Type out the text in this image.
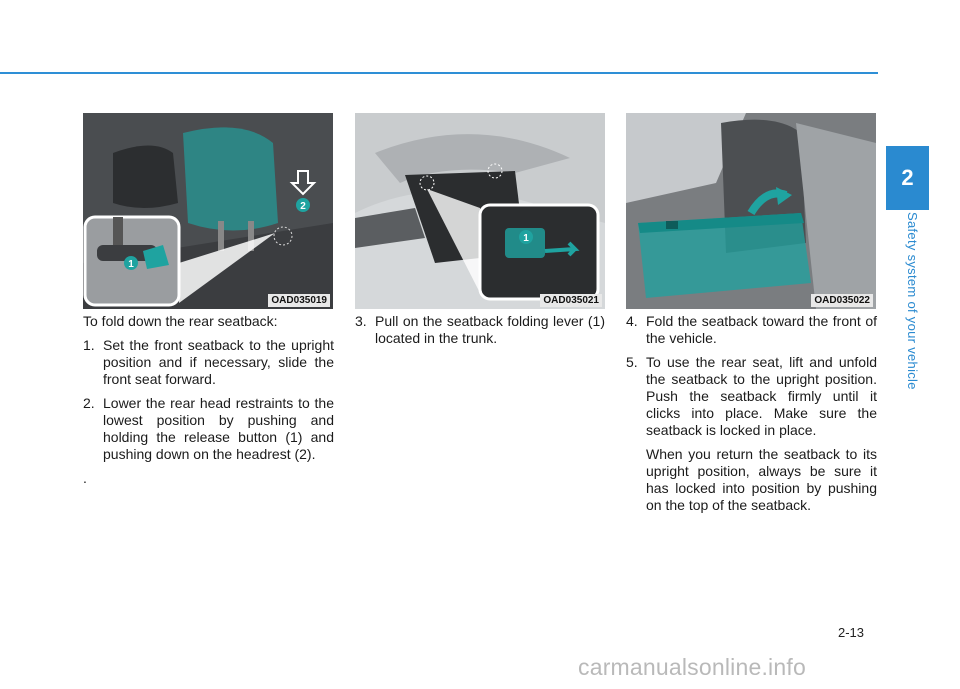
2
Safety system of your vehicle
1
2
OAD035019
1
OAD035021	OAD035022

To fold down the rear seatback:

1. Set the front seatback to the upright position and if necessary, slide the front seat forward.
2. Lower the rear head restraints to the lowest position by pushing and holding the release button (1) and pushing down on the headrest (2).

.

3. Pull on the seatback folding lever (1) located in the trunk.
4. Fold the seatback toward the front of the vehicle.
5. To use the rear seat, lift and unfold the seatback to the upright position. Push the seatback firmly until it clicks into place. Make sure the seatback is locked in place.

When you return the seatback to its upright position, always be sure it has locked into position by pushing on the top of the seatback.

2-13
carmanualsonline.info
